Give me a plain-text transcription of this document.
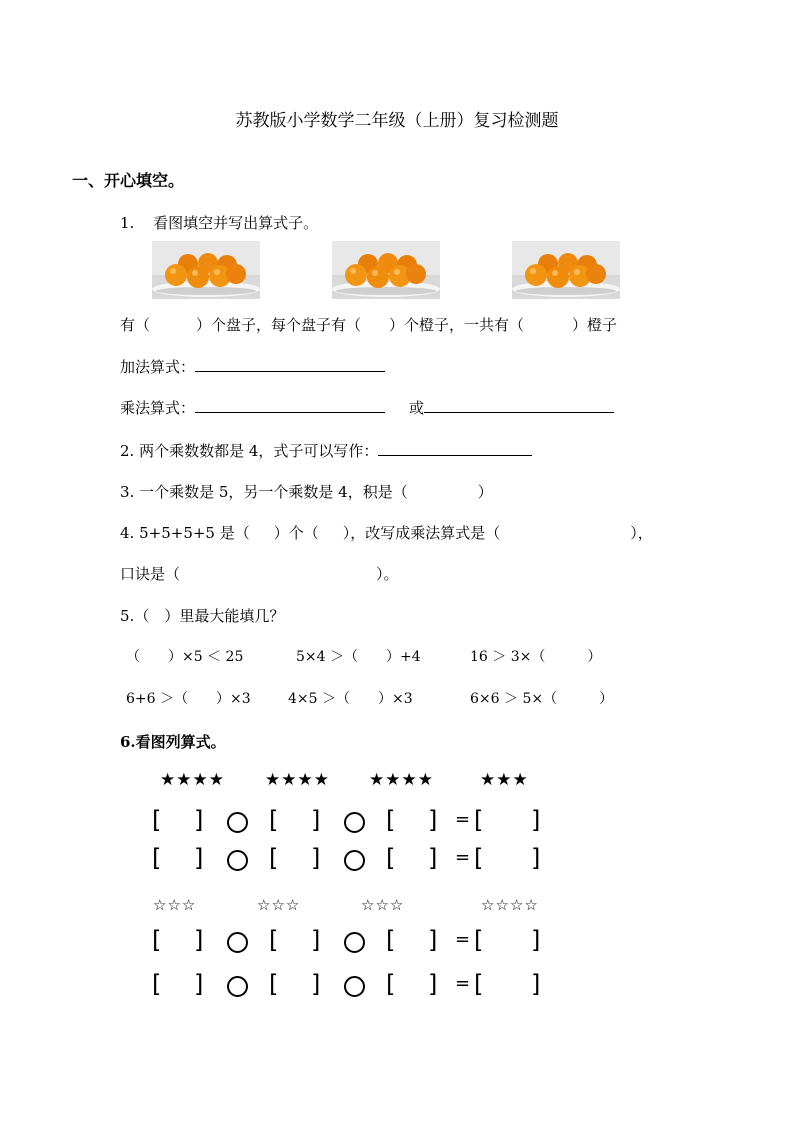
苏教版小学数学二年级（上册）复习检测题
一、开心填空。
1. 看图填空并写出算式子。
有（	）个盘子，每个盘子有（ ）个橙子，一共有（	）橙子
加法算式：
乘法算式：	或
2. 两个乘数数都是 4，式子可以写作：
3. 一个乘数是 5，另一个乘数是 4，积是（	）
4. 5+5+5+5 是（ ）个（ ），改写成乘法算式是（	），
口诀是（	）。
5.（　）里最大能填几？
（　　）×5 ＜ 25	5×4 ＞（　　）+4	16 ＞ 3×（　　　）
6+6 ＞（　　）×3	4×5 ＞（　　）×3	6×6 ＞ 5×（　　　）
6.看图列算式。
★★★★ ★★★★ ★★★★	★★★
☆☆☆	☆☆☆	☆☆☆	☆☆☆☆
[ ]	[ ]	[ ] = [ ]
[ ]	[ ]	[ ] = [ ]
[ ]	[ ]	[ ] = [ ]
[ ]	[ ]	[ ] = [ ]
